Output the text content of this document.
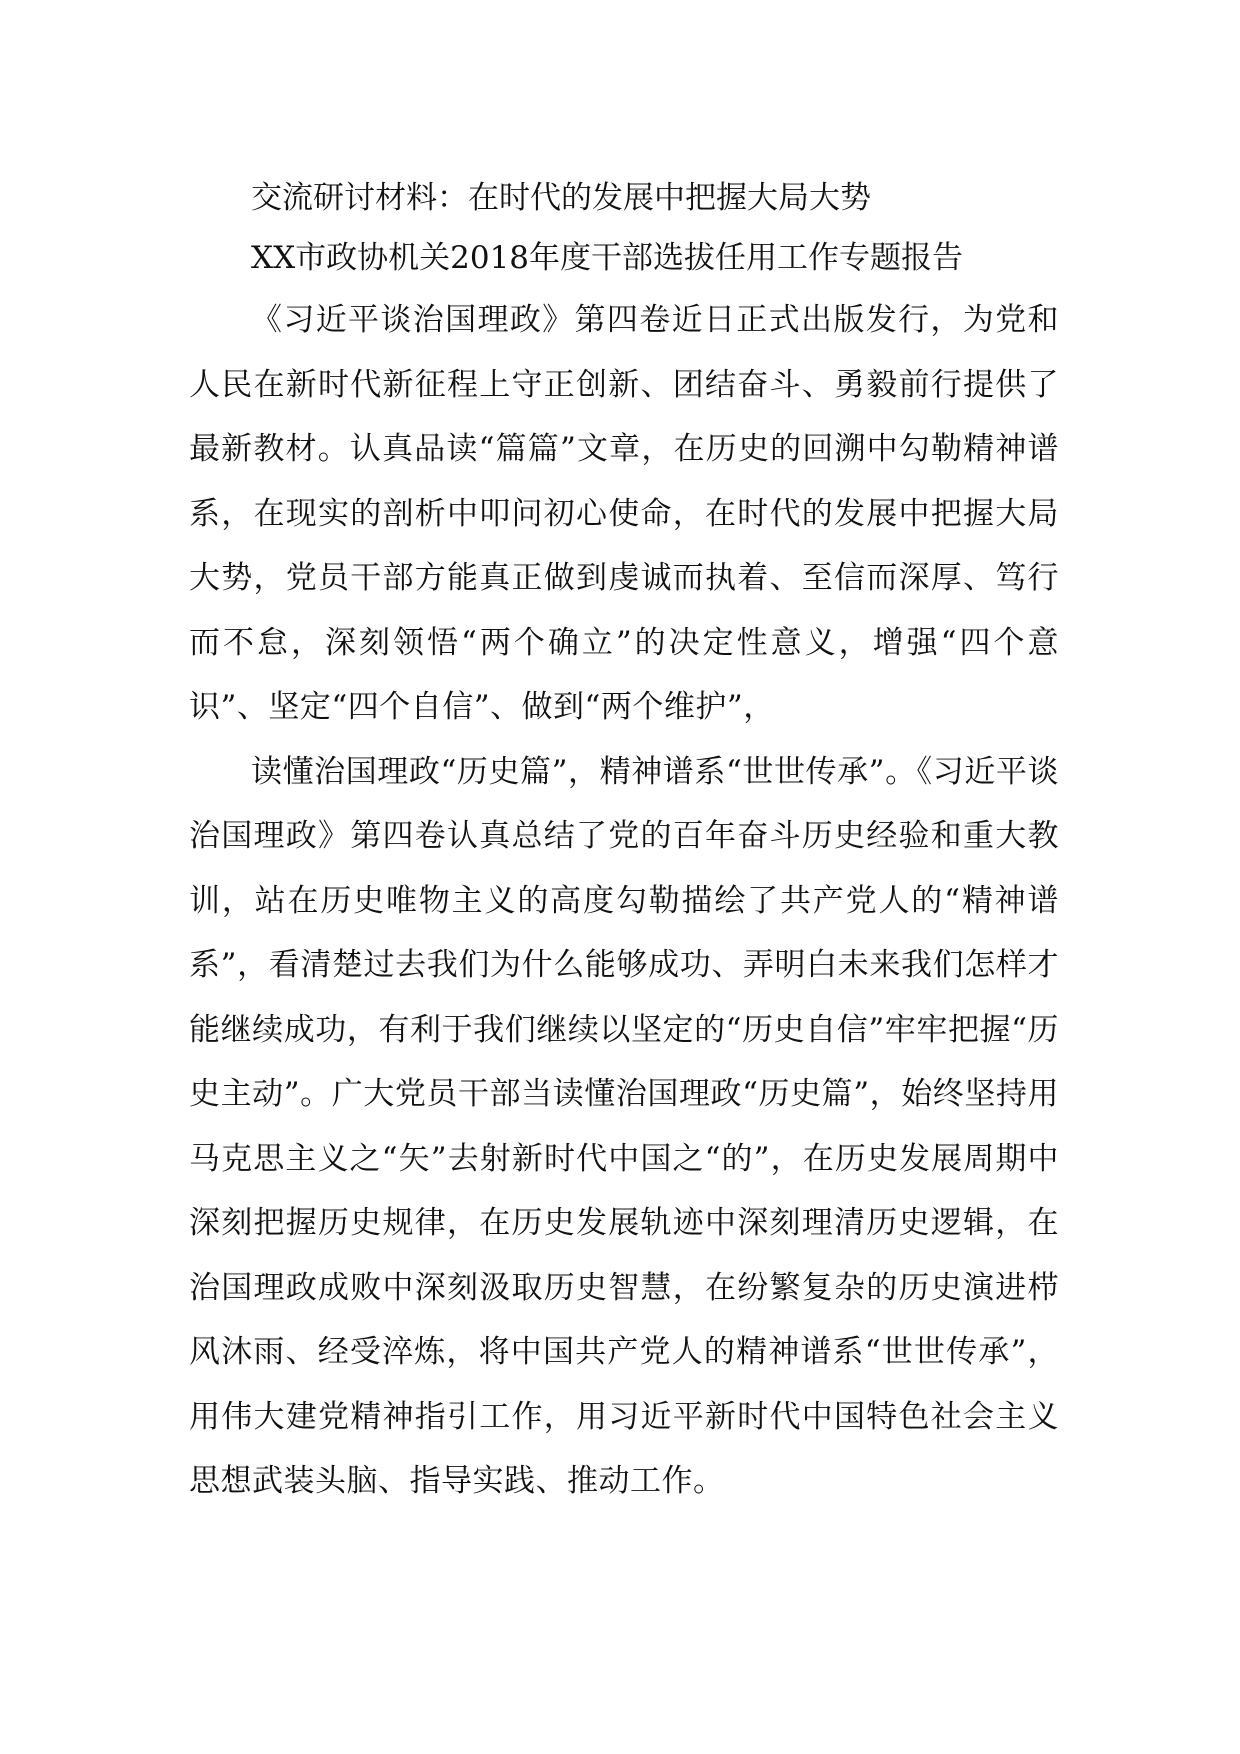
交流研讨材料：在时代的发展中把握大局大势

XX市政协机关2018年度干部选拔任用工作专题报告

《习近平谈治国理政》第四卷近日正式出版发行，为党和人民在新时代新征程上守正创新、团结奋斗、勇毅前行提供了最新教材。认真品读“篇篇”文章，在历史的回溯中勾勒精神谱系，在现实的剖析中叩问初心使命，在时代的发展中把握大局大势，党员干部方能真正做到虔诚而执着、至信而深厚、笃行而不怠，深刻领悟“两个确立”的决定性意义，增强“四个意识”、坚定“四个自信”、做到“两个维护”，

读懂治国理政“历史篇”，精神谱系“世世传承”。《习近平谈治国理政》第四卷认真总结了党的百年奋斗历史经验和重大教训，站在历史唯物主义的高度勾勒描绘了共产党人的“精神谱系”，看清楚过去我们为什么能够成功、弄明白未来我们怎样才能继续成功，有利于我们继续以坚定的“历史自信”牢牢把握“历史主动”。广大党员干部当读懂治国理政“历史篇”，始终坚持用马克思主义之“矢”去射新时代中国之“的”，在历史发展周期中深刻把握历史规律，在历史发展轨迹中深刻理清历史逻辑，在治国理政成败中深刻汲取历史智慧，在纷繁复杂的历史演进栉风沐雨、经受淬炼，将中国共产党人的精神谱系“世世传承”，用伟大建党精神指引工作，用习近平新时代中国特色社会主义思想武装头脑、指导实践、推动工作。
